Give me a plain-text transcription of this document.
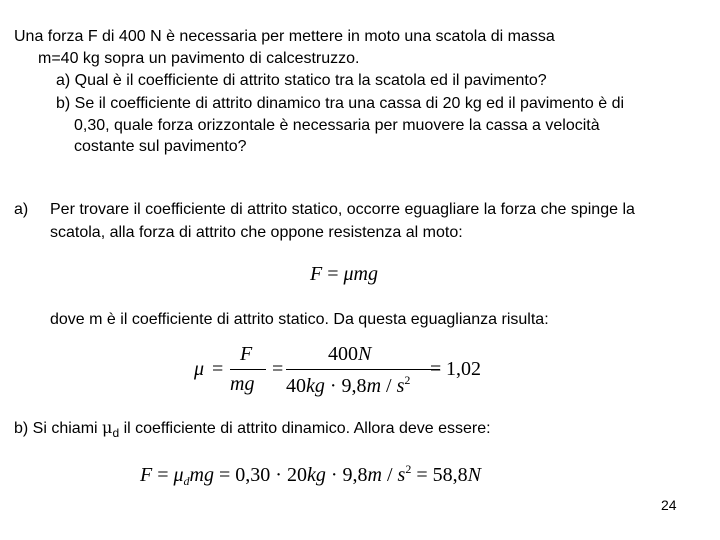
Una forza F di 400 N è necessaria per mettere in moto una scatola di massa
m=40 kg sopra un pavimento di calcestruzzo.
a) Qual è il coefficiente di attrito statico tra la scatola ed il pavimento?
b) Se il coefficiente di attrito dinamico tra una cassa di 20 kg ed il pavimento è di
0,30, quale forza orizzontale è necessaria per muovere la cassa a velocità
costante sul pavimento?
a) Per trovare il coefficiente di attrito statico, occorre eguagliare la forza che spinge la
scatola, alla forza di attrito che oppone resistenza al moto:
F = μmg
dove m è il coefficiente di attrito statico. Da questa eguaglianza risulta:
μ =
F
mg
=
400N
$40kg \cdot 9,8m / s^2 = 1,02$
b) Si chiami $\mu_d$ il coefficiente di attrito dinamico. Allora deve essere:
$F = \mu_dmg = 0,30 \cdot 20kg \cdot 9,8m / s^2 = 58,8N$
24
